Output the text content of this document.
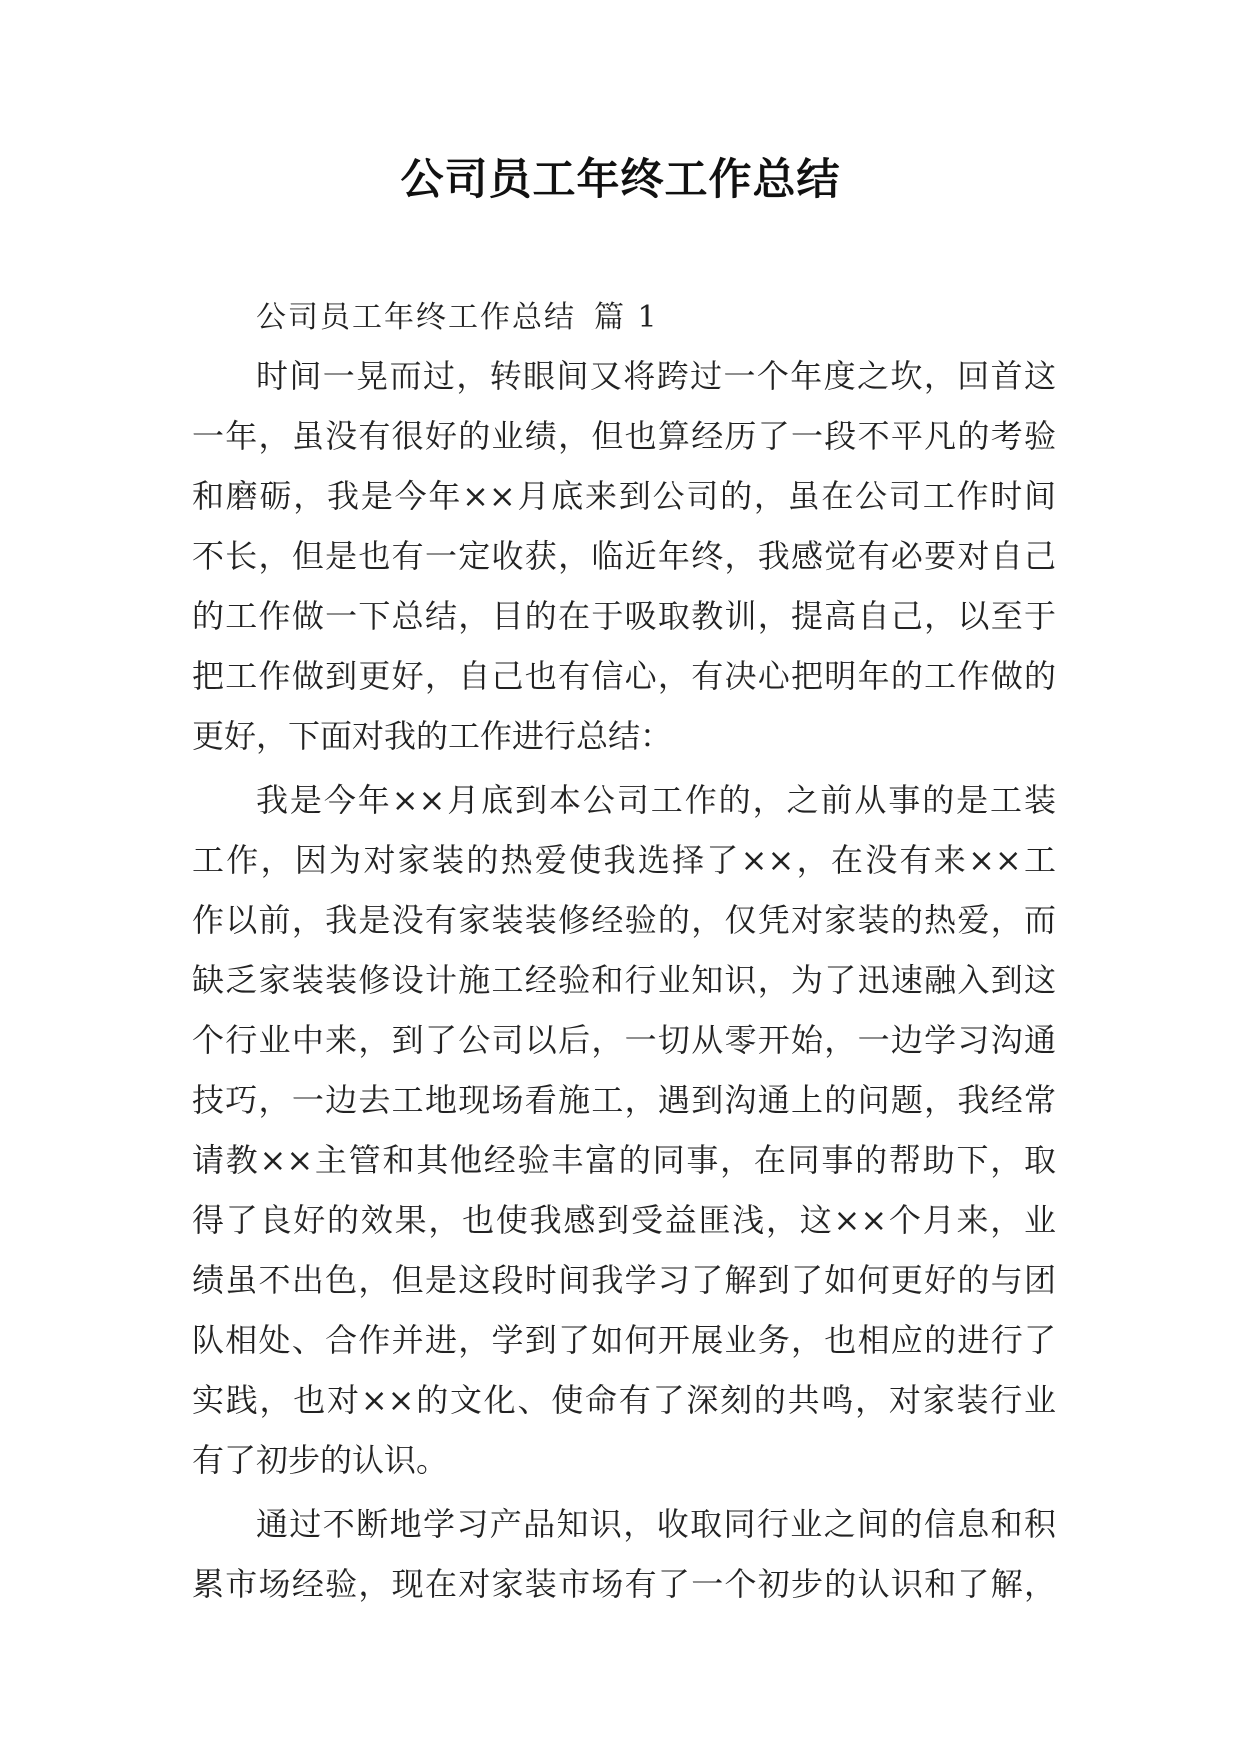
公司员工年终工作总结

公司员工年终工作总结 篇 1

时间一晃而过，转眼间又将跨过一个年度之坎，回首这
一年，虽没有很好的业绩，但也算经历了一段不平凡的考验
和磨砺，我是今年××月底来到公司的，虽在公司工作时间
不长，但是也有一定收获，临近年终，我感觉有必要对自己
的工作做一下总结，目的在于吸取教训，提高自己，以至于
把工作做到更好，自己也有信心，有决心把明年的工作做的
更好，下面对我的工作进行总结：
我是今年××月底到本公司工作的，之前从事的是工装
工作，因为对家装的热爱使我选择了××，在没有来××工
作以前，我是没有家装装修经验的，仅凭对家装的热爱，而
缺乏家装装修设计施工经验和行业知识，为了迅速融入到这
个行业中来，到了公司以后，一切从零开始，一边学习沟通
技巧，一边去工地现场看施工，遇到沟通上的问题，我经常
请教××主管和其他经验丰富的同事，在同事的帮助下，取
得了良好的效果，也使我感到受益匪浅，这××个月来，业
绩虽不出色，但是这段时间我学习了解到了如何更好的与团
队相处、合作并进，学到了如何开展业务，也相应的进行了
实践，也对××的文化、使命有了深刻的共鸣，对家装行业
有了初步的认识。
通过不断地学习产品知识，收取同行业之间的信息和积
累市场经验，现在对家装市场有了一个初步的认识和了解，
